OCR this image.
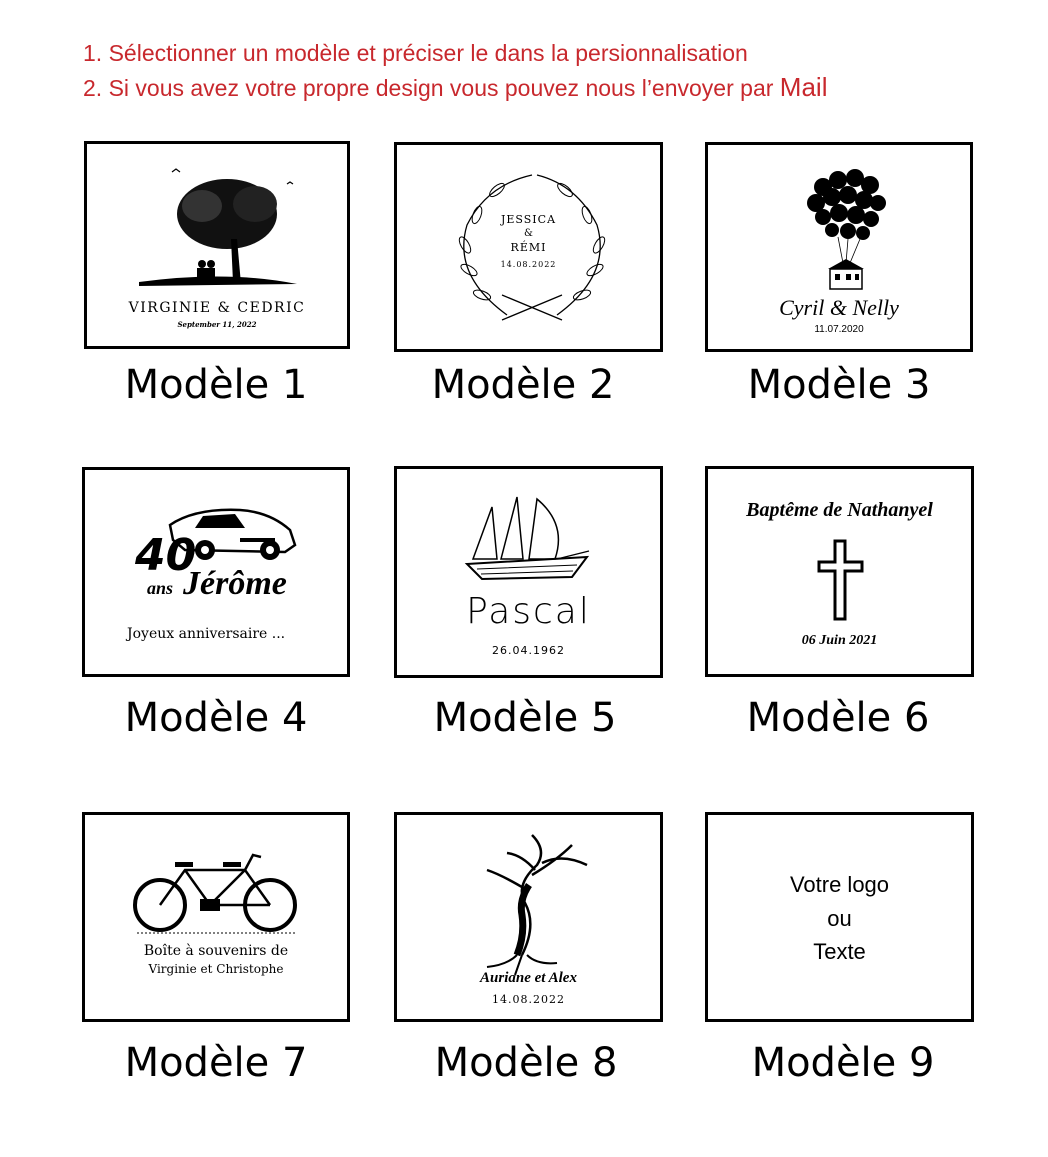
1. Sélectionner un modèle et préciser le dans la persionnalisation
2. Si vous avez votre propre design vous pouvez nous l’envoyer par Mail
VIRGINIE & CEDRIC
September 11, 2022
Modèle 1
JESSICA
&
RÉMI
14.08.2022
Modèle 2
Cyril & Nelly
11.07.2020
Modèle 3
40
ans Jérôme
Joyeux anniversaire ...
Modèle 4
Pascal
26.04.1962
Modèle 5
Baptême de Nathanyel
06 Juin 2021
Modèle 6
Boîte à souvenirs de
Virginie et Christophe
Modèle 7
Auriane et Alex
14.08.2022
Modèle 8
Votre logo
ou
Texte
Modèle 9
